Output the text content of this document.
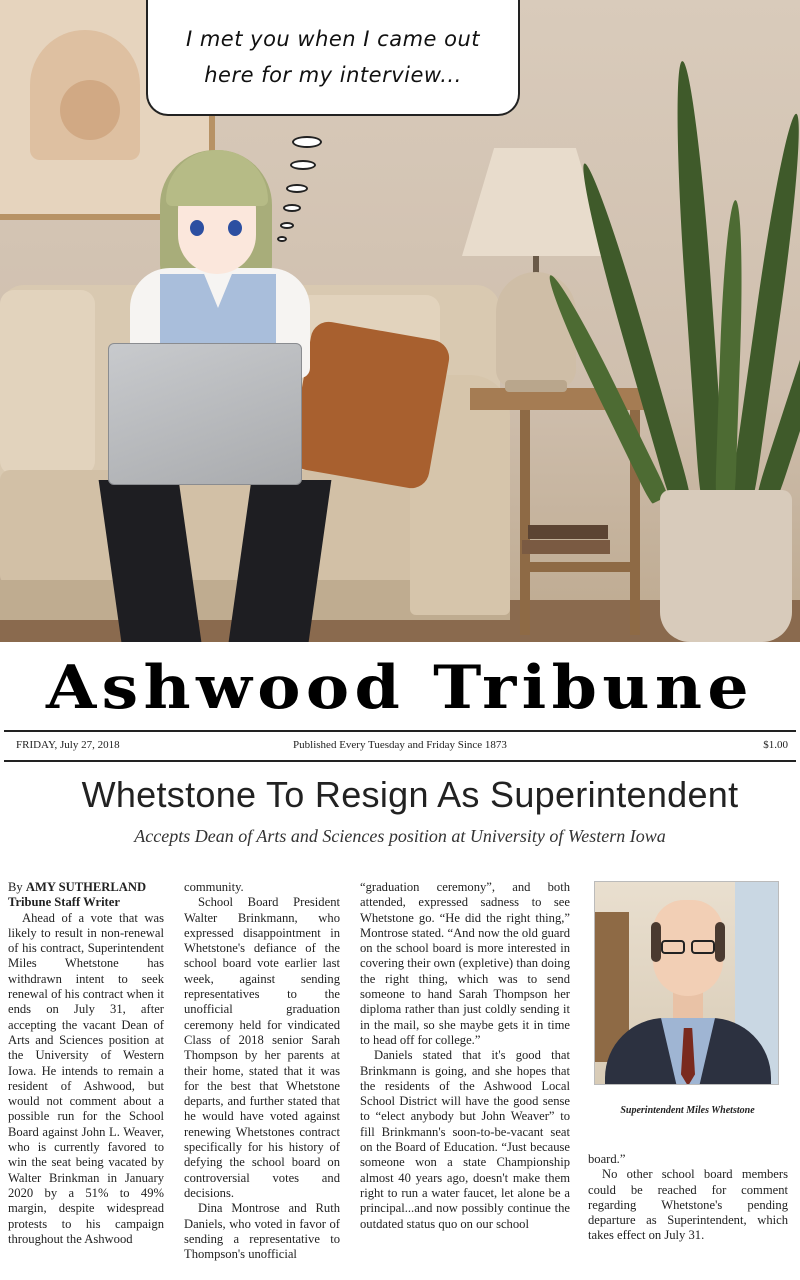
I met you when I came out
here for my interview...
Ashwood Tribune
FRIDAY, July 27, 2018	Published Every Tuesday and Friday Since 1873	$1.00
Whetstone To Resign As Superintendent
Accepts Dean of Arts and Sciences position at University of Western Iowa

By AMY SUTHERLAND

Tribune Staff Writer

Ahead of a vote that was likely to result in non-renewal of his contract, Superintendent Miles Whetstone has withdrawn intent to seek renewal of his contract when it ends on July 31, after accepting the vacant Dean of Arts and Sciences position at the University of Western Iowa. He intends to remain a resident of Ashwood, but would not comment about a possible run for the School Board against John L. Weaver, who is currently favored to win the seat being vacated by Walter Brinkman in January 2020 by a 51% to 49% margin, despite widespread protests to his campaign throughout the Ashwood

community.

School Board President Walter Brinkmann, who expressed disappointment in Whetstone's defiance of the school board vote earlier last week, against sending representatives to the unofficial graduation ceremony held for vindicated Class of 2018 senior Sarah Thompson by her parents at their home, stated that it was for the best that Whetstone departs, and further stated that he would have voted against renewing Whetstones contract specifically for his history of defying the school board on controversial votes and decisions.

Dina Montrose and Ruth Daniels, who voted in favor of sending a representative to Thompson's unofficial

“graduation ceremony”, and both attended, expressed sadness to see Whetstone go. “He did the right thing,” Montrose stated. “And now the old guard on the school board is more interested in covering their own (expletive) than doing the right thing, which was to send someone to hand Sarah Thompson her diploma rather than just coldly sending it in the mail, so she maybe gets it in time to head off for college.”

Daniels stated that it's good that Brinkmann is going, and she hopes that the residents of the Ashwood Local School District will have the good sense to “elect anybody but John Weaver” to fill Brinkmann's soon-to-be-vacant seat on the Board of Education. “Just because someone won a state Championship almost 40 years ago, doesn't make them right to run a water faucet, let alone be a principal...and now possibly continue the outdated status quo on our school

Superintendent Miles Whetstone

board.”

No other school board members could be reached for comment regarding Whetstone's pending departure as Superintendent, which takes effect on July 31.
